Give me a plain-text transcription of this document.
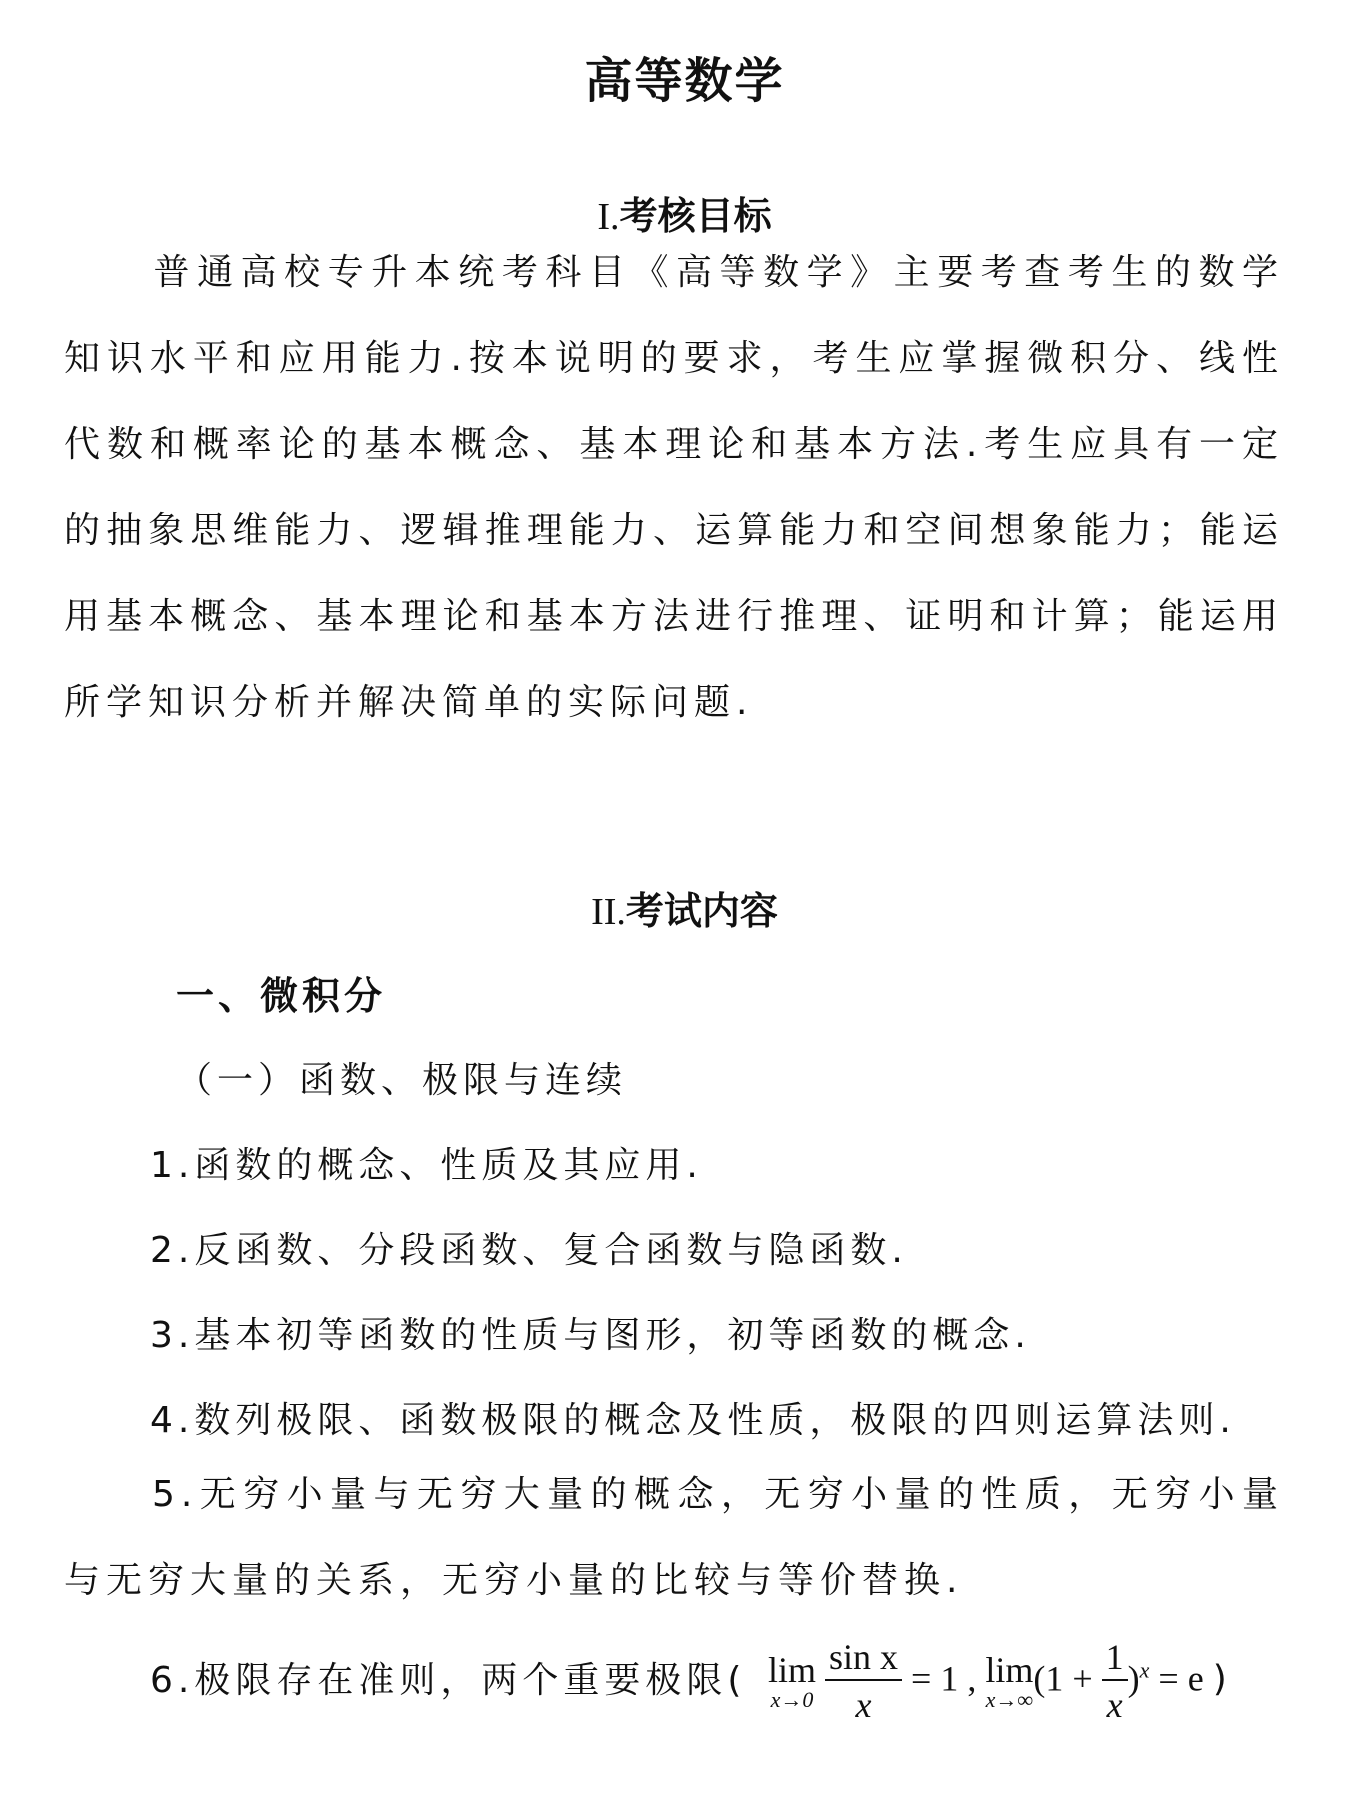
高等数学
I.考核目标
普通高校专升本统考科目《高等数学》主要考查考生的数学知识水平和应用能力.按本说明的要求，考生应掌握微积分、线性代数和概率论的基本概念、基本理论和基本方法.考生应具有一定的抽象思维能力、逻辑推理能力、运算能力和空间想象能力；能运用基本概念、基本理论和基本方法进行推理、证明和计算；能运用所学知识分析并解决简单的实际问题.
II.考试内容
一、微积分
（一）函数、极限与连续
1.函数的概念、性质及其应用.
2.反函数、分段函数、复合函数与隐函数.
3.基本初等函数的性质与图形，初等函数的概念.
4.数列极限、函数极限的概念及性质，极限的四则运算法则.
5.无穷小量与无穷大量的概念，无穷小量的性质，无穷小量与无穷大量的关系，无穷小量的比较与等价替换.
6.极限存在准则，两个重要极限( lim
x→0
$\frac{\text{sin x}}{x} = 1$ , lim
x→∞
$(1 + \frac{1}{x} )^x = e$ )
